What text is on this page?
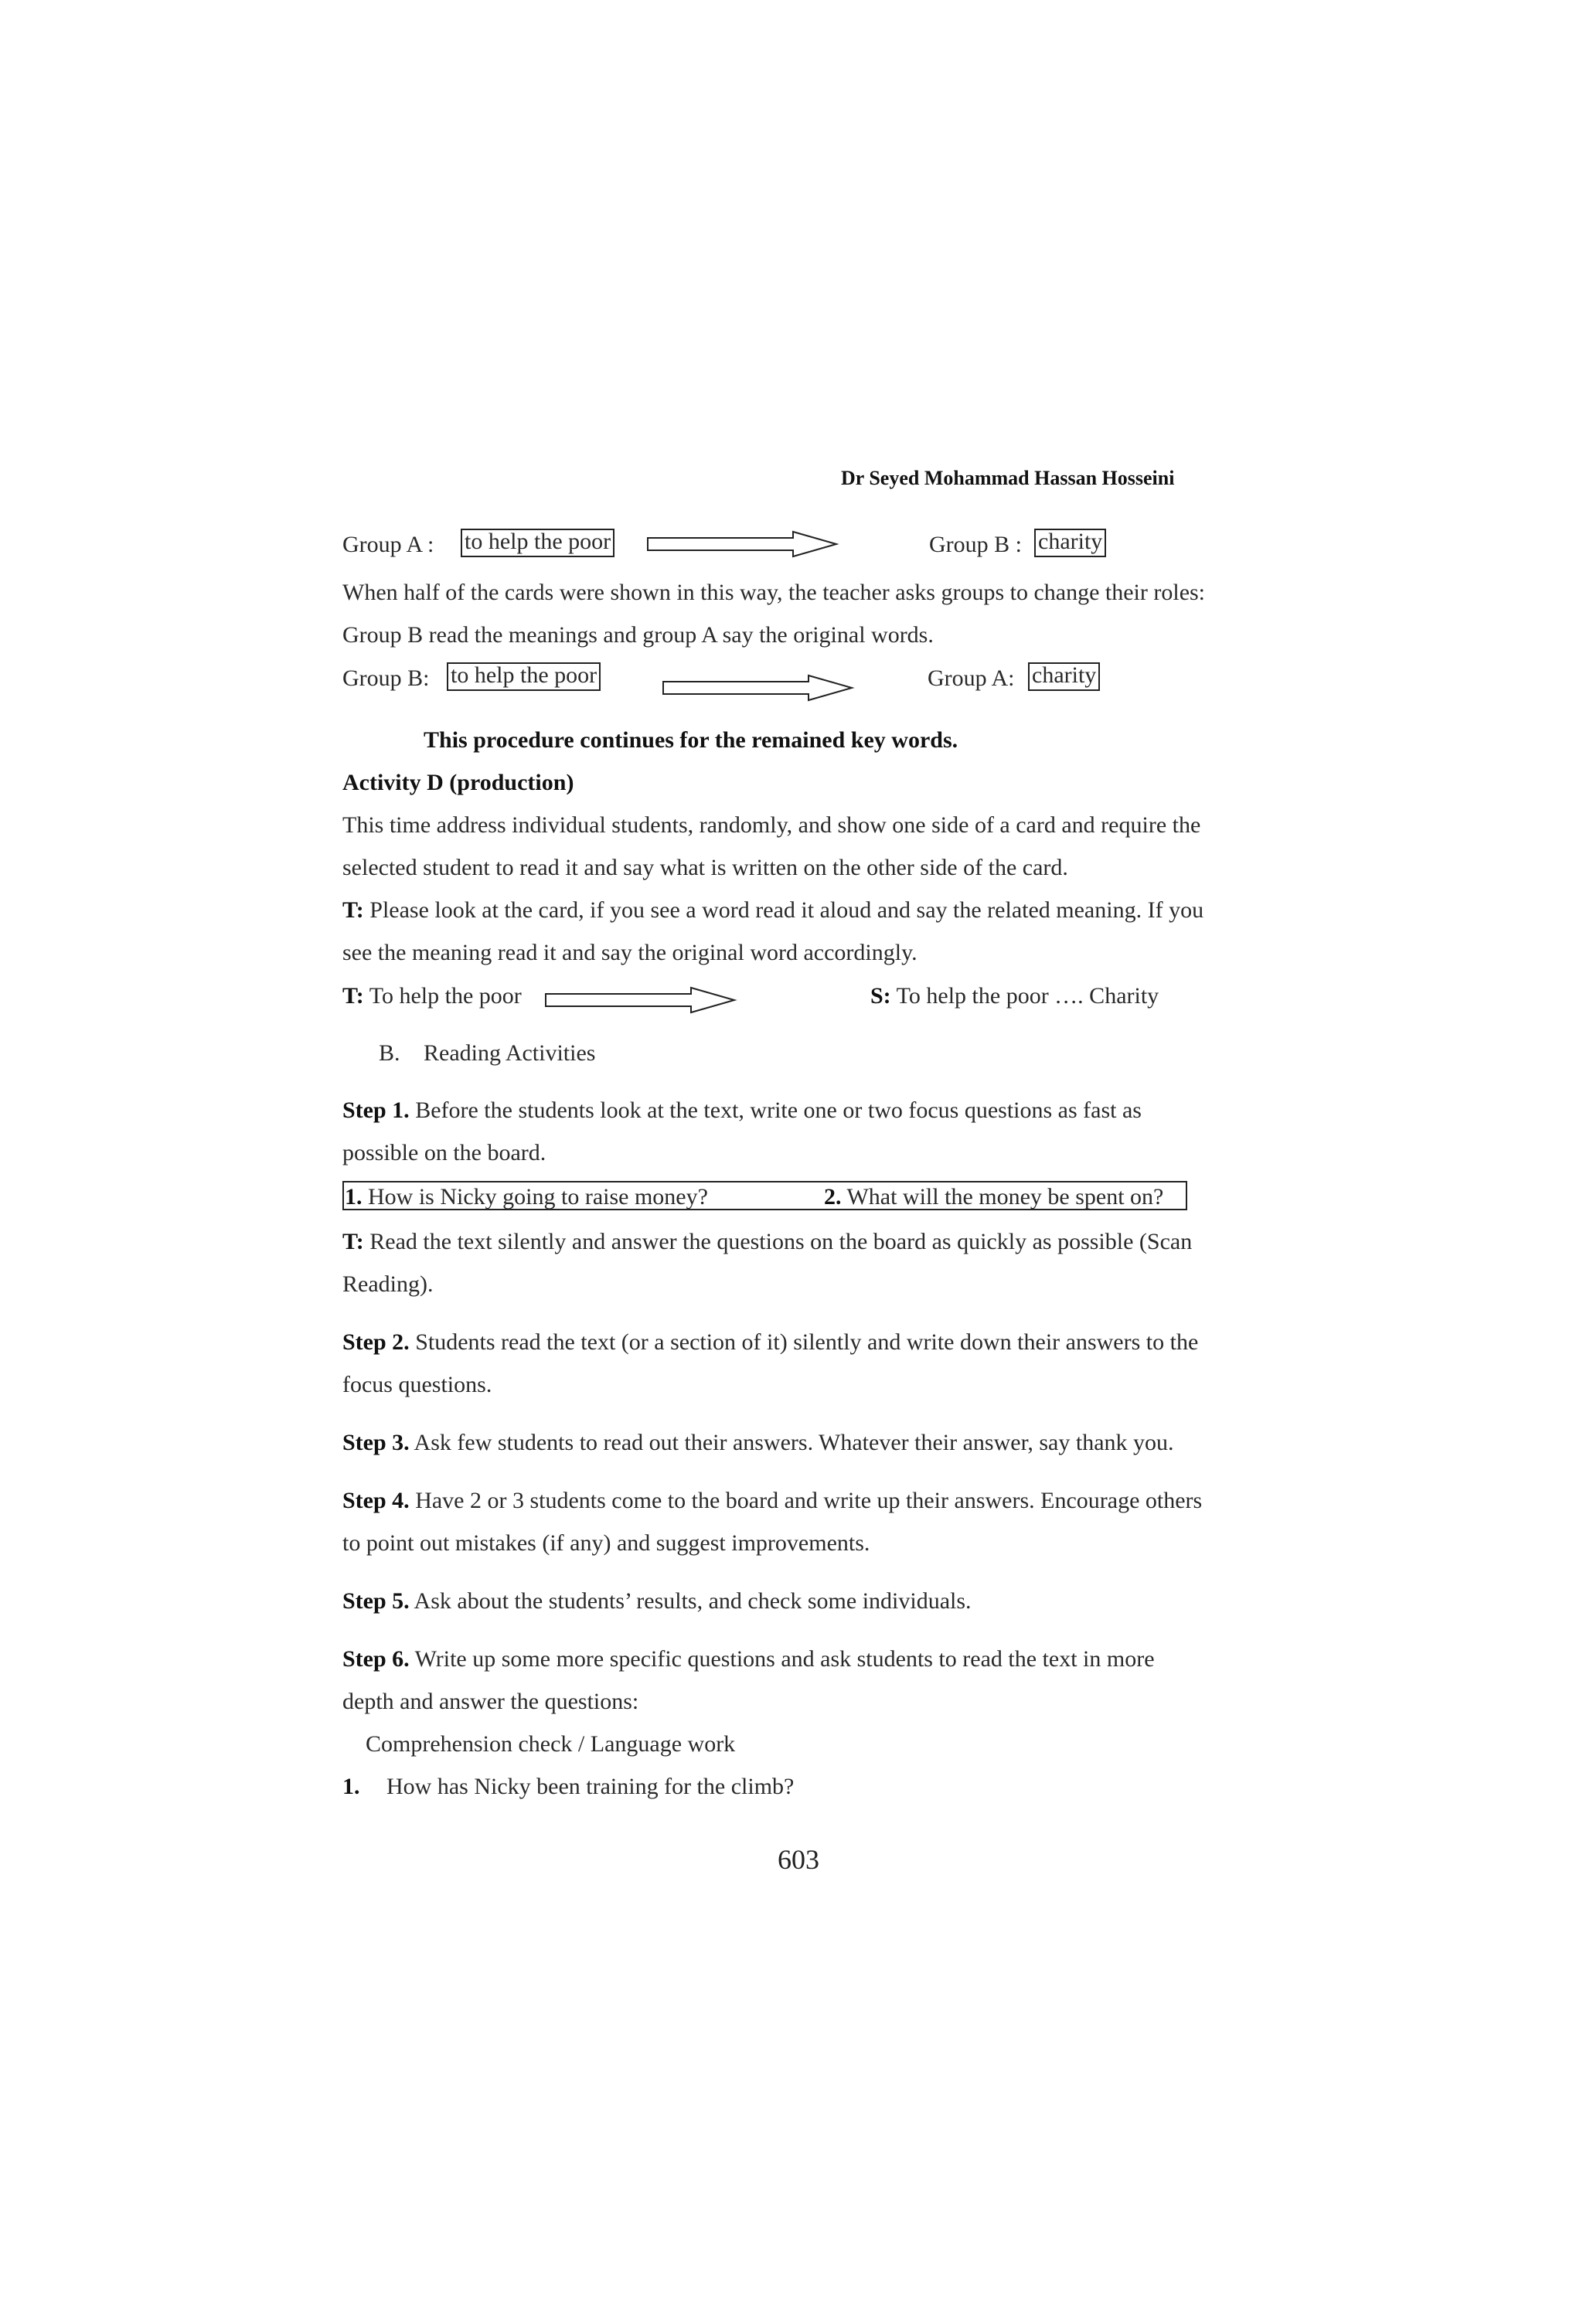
Dr Seyed Mohammad Hassan Hosseini
Group A : to help the poor	Group B : charity
When half of the cards were shown in this way, the teacher asks groups to change their roles:
Group B read the meanings and group A say the original words.
Group B: to help the poor	Group A: charity
This procedure continues for the remained key words.
Activity D (production)
This time address individual students, randomly, and show one side of a card and require the
selected student to read it and say what is written on the other side of the card.
T: Please look at the card, if you see a word read it aloud and say the related meaning. If you
see the meaning read it and say the original word accordingly.
T: To help the poor	S: To help the poor …. Charity
B. Reading Activities
Step 1. Before the students look at the text, write one or two focus questions as fast as
possible on the board.
1. How is Nicky going to raise money?	2. What will the money be spent on?
T: Read the text silently and answer the questions on the board as quickly as possible (Scan
Reading).
Step 2. Students read the text (or a section of it) silently and write down their answers to the
focus questions.
Step 3. Ask few students to read out their answers. Whatever their answer, say thank you.
Step 4. Have 2 or 3 students come to the board and write up their answers. Encourage others
to point out mistakes (if any) and suggest improvements.
Step 5. Ask about the students’ results, and check some individuals.
Step 6. Write up some more specific questions and ask students to read the text in more
depth and answer the questions:
Comprehension check / Language work
1. How has Nicky been training for the climb?
603
